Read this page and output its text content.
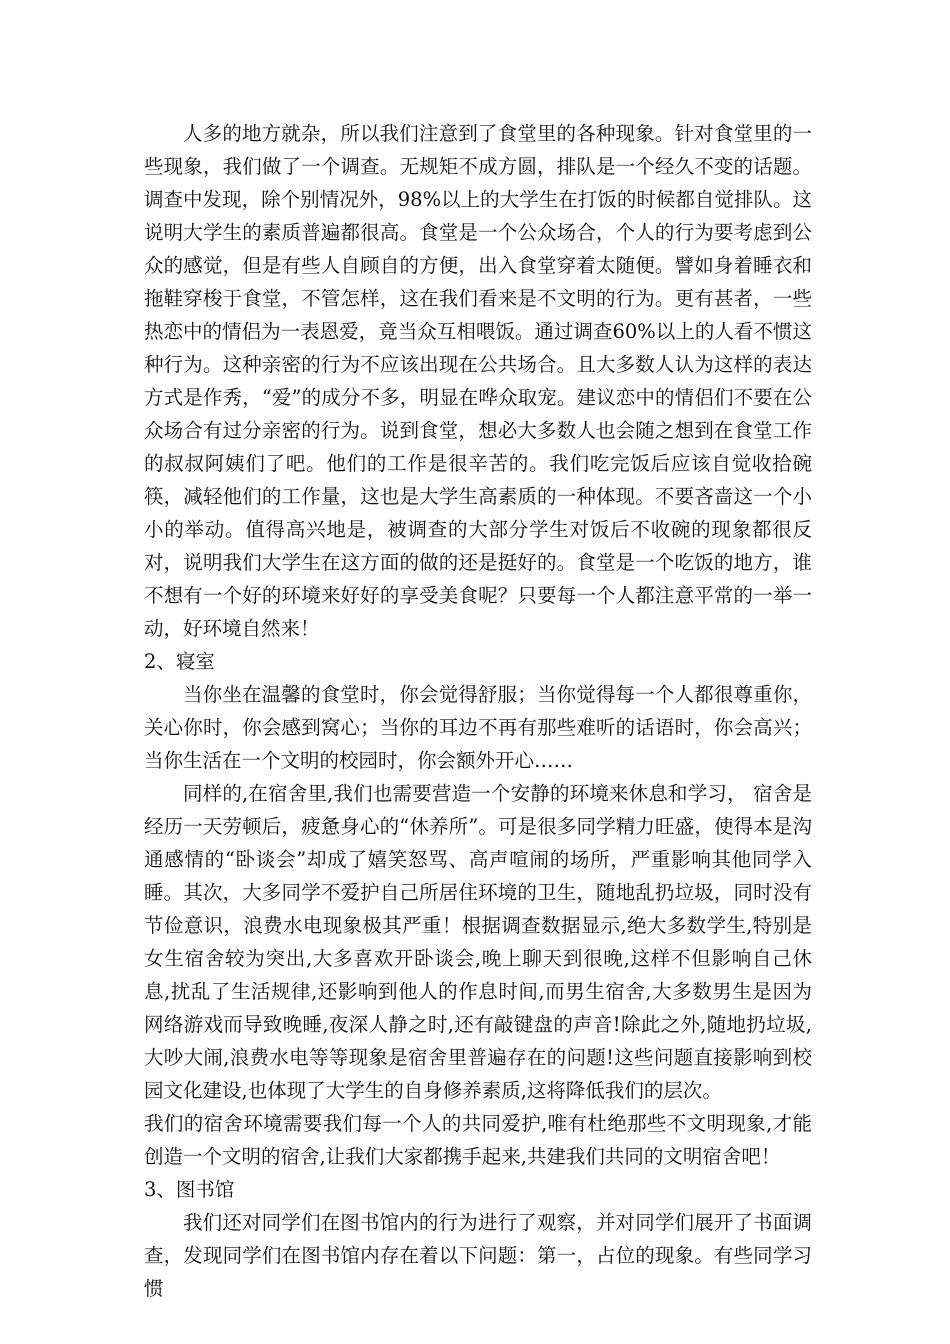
人多的地方就杂，所以我们注意到了食堂里的各种现象。针对食堂里的一些现象，我们做了一个调查。无规矩不成方圆，排队是一个经久不变的话题。调查中发现，除个别情况外，98%以上的大学生在打饭的时候都自觉排队。这说明大学生的素质普遍都很高。食堂是一个公众场合，个人的行为要考虑到公众的感觉，但是有些人自顾自的方便，出入食堂穿着太随便。譬如身着睡衣和拖鞋穿梭于食堂，不管怎样，这在我们看来是不文明的行为。更有甚者，一些热恋中的情侣为一表恩爱，竟当众互相喂饭。通过调查60%以上的人看不惯这种行为。这种亲密的行为不应该出现在公共场合。且大多数人认为这样的表达方式是作秀，“爱”的成分不多，明显在哗众取宠。建议恋中的情侣们不要在公众场合有过分亲密的行为。说到食堂，想必大多数人也会随之想到在食堂工作的叔叔阿姨们了吧。他们的工作是很辛苦的。我们吃完饭后应该自觉收拾碗筷，减轻他们的工作量，这也是大学生高素质的一种体现。不要吝啬这一个小小的举动。值得高兴地是，被调查的大部分学生对饭后不收碗的现象都很反对，说明我们大学生在这方面的做的还是挺好的。食堂是一个吃饭的地方，谁不想有一个好的环境来好好的享受美食呢？只要每一个人都注意平常的一举一动，好环境自然来！

2、寝室

当你坐在温馨的食堂时，你会觉得舒服；当你觉得每一个人都很尊重你，关心你时，你会感到窝心；当你的耳边不再有那些难听的话语时，你会高兴；当你生活在一个文明的校园时，你会额外开心……

同样的,在宿舍里,我们也需要营造一个安静的环境来休息和学习， 宿舍是经历一天劳顿后，疲惫身心的“休养所”。可是很多同学精力旺盛，使得本是沟通感情的“卧谈会”却成了嬉笑怒骂、高声喧闹的场所，严重影响其他同学入睡。其次，大多同学不爱护自己所居住环境的卫生，随地乱扔垃圾，同时没有节俭意识，浪费水电现象极其严重！根据调查数据显示,绝大多数学生,特别是女生宿舍较为突出,大多喜欢开卧谈会,晚上聊天到很晚,这样不但影响自己休息,扰乱了生活规律,还影响到他人的作息时间,而男生宿舍,大多数男生是因为网络游戏而导致晚睡,夜深人静之时,还有敲键盘的声音!除此之外,随地扔垃圾,大吵大闹,浪费水电等等现象是宿舍里普遍存在的问题!这些问题直接影响到校园文化建设,也体现了大学生的自身修养素质,这将降低我们的层次。

我们的宿舍环境需要我们每一个人的共同爱护,唯有杜绝那些不文明现象,才能创造一个文明的宿舍,让我们大家都携手起来,共建我们共同的文明宿舍吧！

3、图书馆

我们还对同学们在图书馆内的行为进行了观察，并对同学们展开了书面调查，发现同学们在图书馆内存在着以下问题：第一，占位的现象。有些同学习惯
